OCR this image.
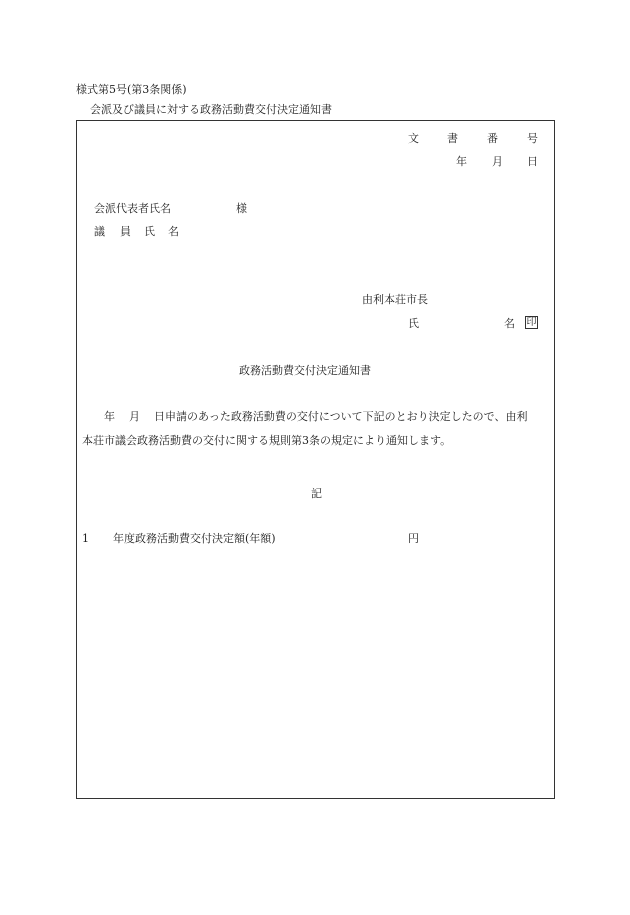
様式第5号(第3条関係)
会派及び議員に対する政務活動費交付決定通知書
文	書	番	号
年 月 日
会派代表者氏名	様
議 員 氏 名
由利本荘市長
氏	名 印
政務活動費交付決定通知書
年 月 日申請のあった政務活動費の交付について下記のとおり決定したので、由利
本荘市議会政務活動費の交付に関する規則第3条の規定により通知します。
記
1 年度政務活動費交付決定額(年額)	円
